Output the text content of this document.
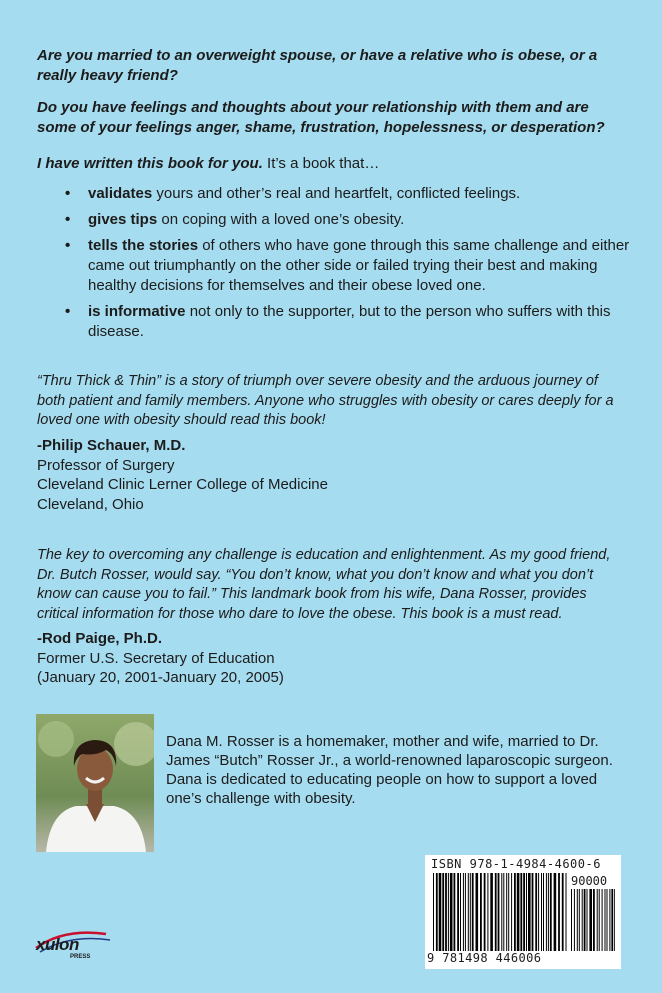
Are you married to an overweight spouse, or have a relative who is obese, or a really heavy friend?

Do you have feelings and thoughts about your relationship with them and are some of your feelings anger, shame, frustration, hopelessness, or desperation?

I have written this book for you. It’s a book that…

• validates yours and other’s real and heartfelt, conflicted feelings.
• gives tips on coping with a loved one’s obesity.
• tells the stories of others who have gone through this same challenge and either came out triumphantly on the other side or failed trying their best and making healthy decisions for themselves and their obese loved one.
• is informative not only to the supporter, but to the person who suffers with this disease.

“Thru Thick & Thin” is a story of triumph over severe obesity and the arduous journey of both patient and family members. Anyone who struggles with obesity or cares deeply for a loved one with obesity should read this book!

-Philip Schauer, M.D.
Professor of Surgery
Cleveland Clinic Lerner College of Medicine
Cleveland, Ohio

The key to overcoming any challenge is education and enlightenment. As my good friend, Dr. Butch Rosser, would say. “You don’t know, what you don’t know and what you don’t know can cause you to fail.” This landmark book from his wife, Dana Rosser, provides critical information for those who dare to love the obese. This book is a must read.

-Rod Paige, Ph.D.
Former U.S. Secretary of Education
(January 20, 2001-January 20, 2005)

Dana M. Rosser is a homemaker, mother and wife, married to Dr. James “Butch” Rosser Jr., a world-renowned laparoscopic surgeon. Dana is dedicated to educating people on how to support a loved one’s challenge with obesity.

ISBN 978-1-4984-4600-6
90000
9 781498 446006
xulon
PRESS
